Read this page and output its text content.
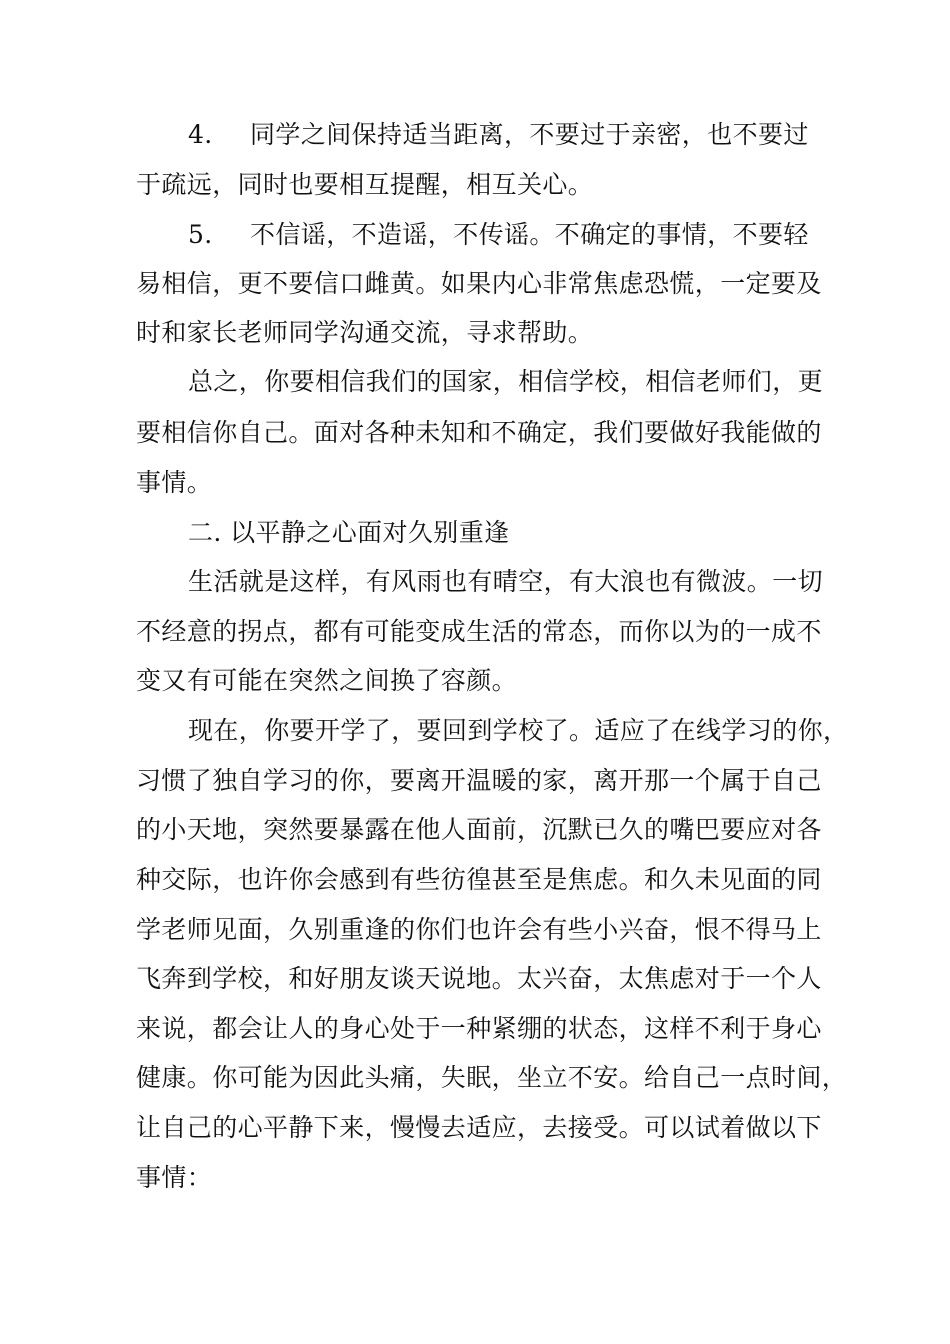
4. 同学之间保持适当距离，不要过于亲密，也不要过
于疏远，同时也要相互提醒，相互关心。
5. 不信谣，不造谣，不传谣。不确定的事情，不要轻
易相信，更不要信口雌黄。如果内心非常焦虑恐慌，一定要及
时和家长老师同学沟通交流，寻求帮助。
总之，你要相信我们的国家，相信学校，相信老师们，更
要相信你自己。面对各种未知和不确定，我们要做好我能做的
事情。
二. 以平静之心面对久别重逢
生活就是这样，有风雨也有晴空，有大浪也有微波。一切
不经意的拐点，都有可能变成生活的常态，而你以为的一成不
变又有可能在突然之间换了容颜。
现在，你要开学了，要回到学校了。适应了在线学习的你，
习惯了独自学习的你，要离开温暖的家，离开那一个属于自己
的小天地，突然要暴露在他人面前，沉默已久的嘴巴要应对各
种交际，也许你会感到有些彷徨甚至是焦虑。和久未见面的同
学老师见面，久别重逢的你们也许会有些小兴奋，恨不得马上
飞奔到学校，和好朋友谈天说地。太兴奋，太焦虑对于一个人
来说，都会让人的身心处于一种紧绷的状态，这样不利于身心
健康。你可能为因此头痛，失眠，坐立不安。给自己一点时间，
让自己的心平静下来，慢慢去适应，去接受。可以试着做以下
事情：
